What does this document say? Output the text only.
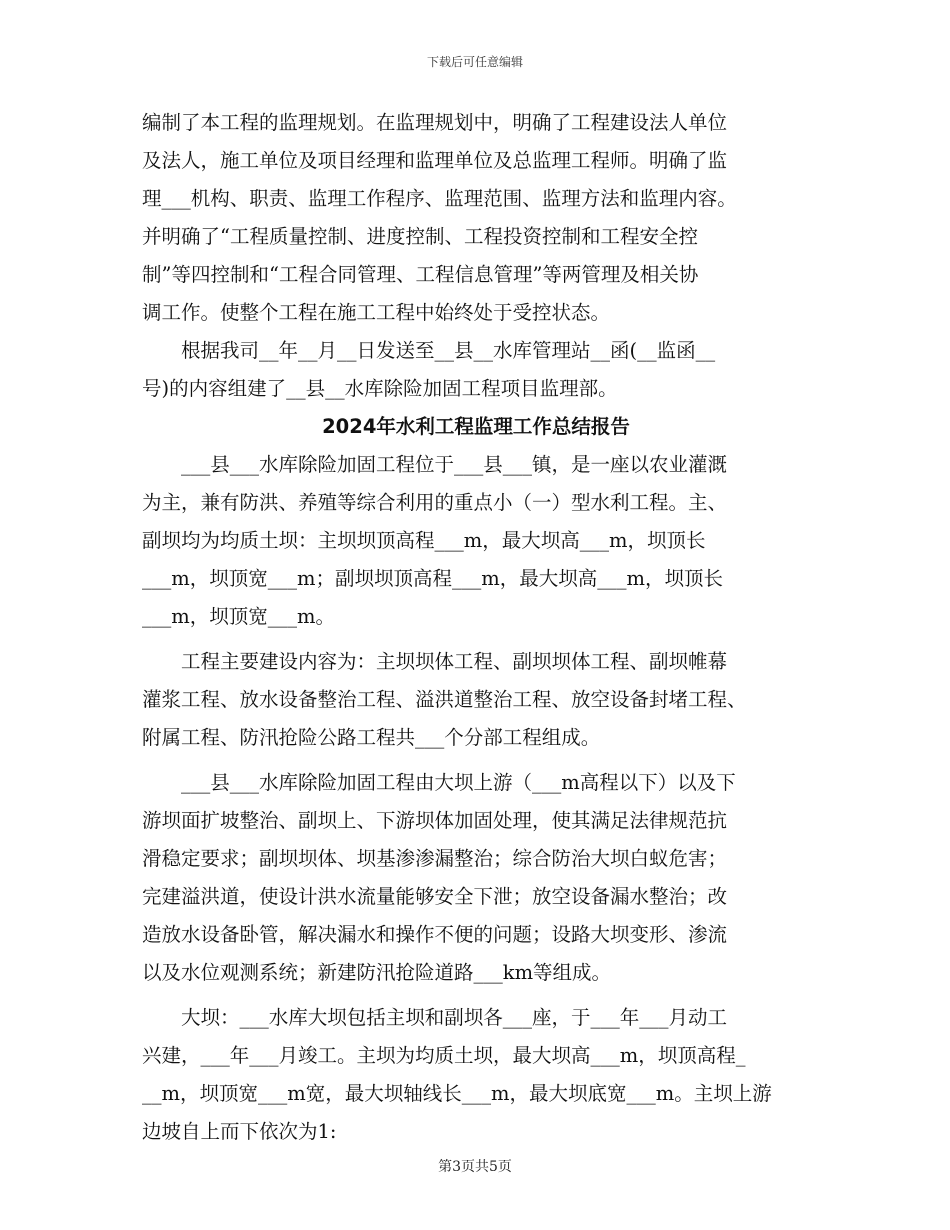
下载后可任意编辑

编制了本工程的监理规划。在监理规划中，明确了工程建设法人单位

及法人，施工单位及项目经理和监理单位及总监理工程师。明确了监

理___机构、职责、监理工作程序、监理范围、监理方法和监理内容。

并明确了“工程质量控制、进度控制、工程投资控制和工程安全控

制”等四控制和“工程合同管理、工程信息管理”等两管理及相关协

调工作。使整个工程在施工工程中始终处于受控状态。

根据我司__年__月__日发送至__县__水库管理站__函(__监函__

号)的内容组建了__县__水库除险加固工程项目监理部。

2024年水利工程监理工作总结报告

___县___水库除险加固工程位于___县___镇，是一座以农业灌溉

为主，兼有防洪、养殖等综合利用的重点小（一）型水利工程。主、

副坝均为均质土坝：主坝坝顶高程___m，最大坝高___m，坝顶长

___m，坝顶宽___m；副坝坝顶高程___m，最大坝高___m，坝顶长

___m，坝顶宽___m。

工程主要建设内容为：主坝坝体工程、副坝坝体工程、副坝帷幕

灌浆工程、放水设备整治工程、溢洪道整治工程、放空设备封堵工程、

附属工程、防汛抢险公路工程共___个分部工程组成。

___县___水库除险加固工程由大坝上游（___m高程以下）以及下

游坝面扩坡整治、副坝上、下游坝体加固处理，使其满足法律规范抗

滑稳定要求；副坝坝体、坝基渗渗漏整治；综合防治大坝白蚁危害；

完建溢洪道，使设计洪水流量能够安全下泄；放空设备漏水整治；改

造放水设备卧管，解决漏水和操作不便的问题；设路大坝变形、渗流

以及水位观测系统；新建防汛抢险道路___km等组成。

大坝：___水库大坝包括主坝和副坝各___座，于___年___月动工

兴建，___年___月竣工。主坝为均质土坝，最大坝高___m，坝顶高程_

__m，坝顶宽___m宽，最大坝轴线长___m，最大坝底宽___m。主坝上游

边坡自上而下依次为1:

第3页共5页
